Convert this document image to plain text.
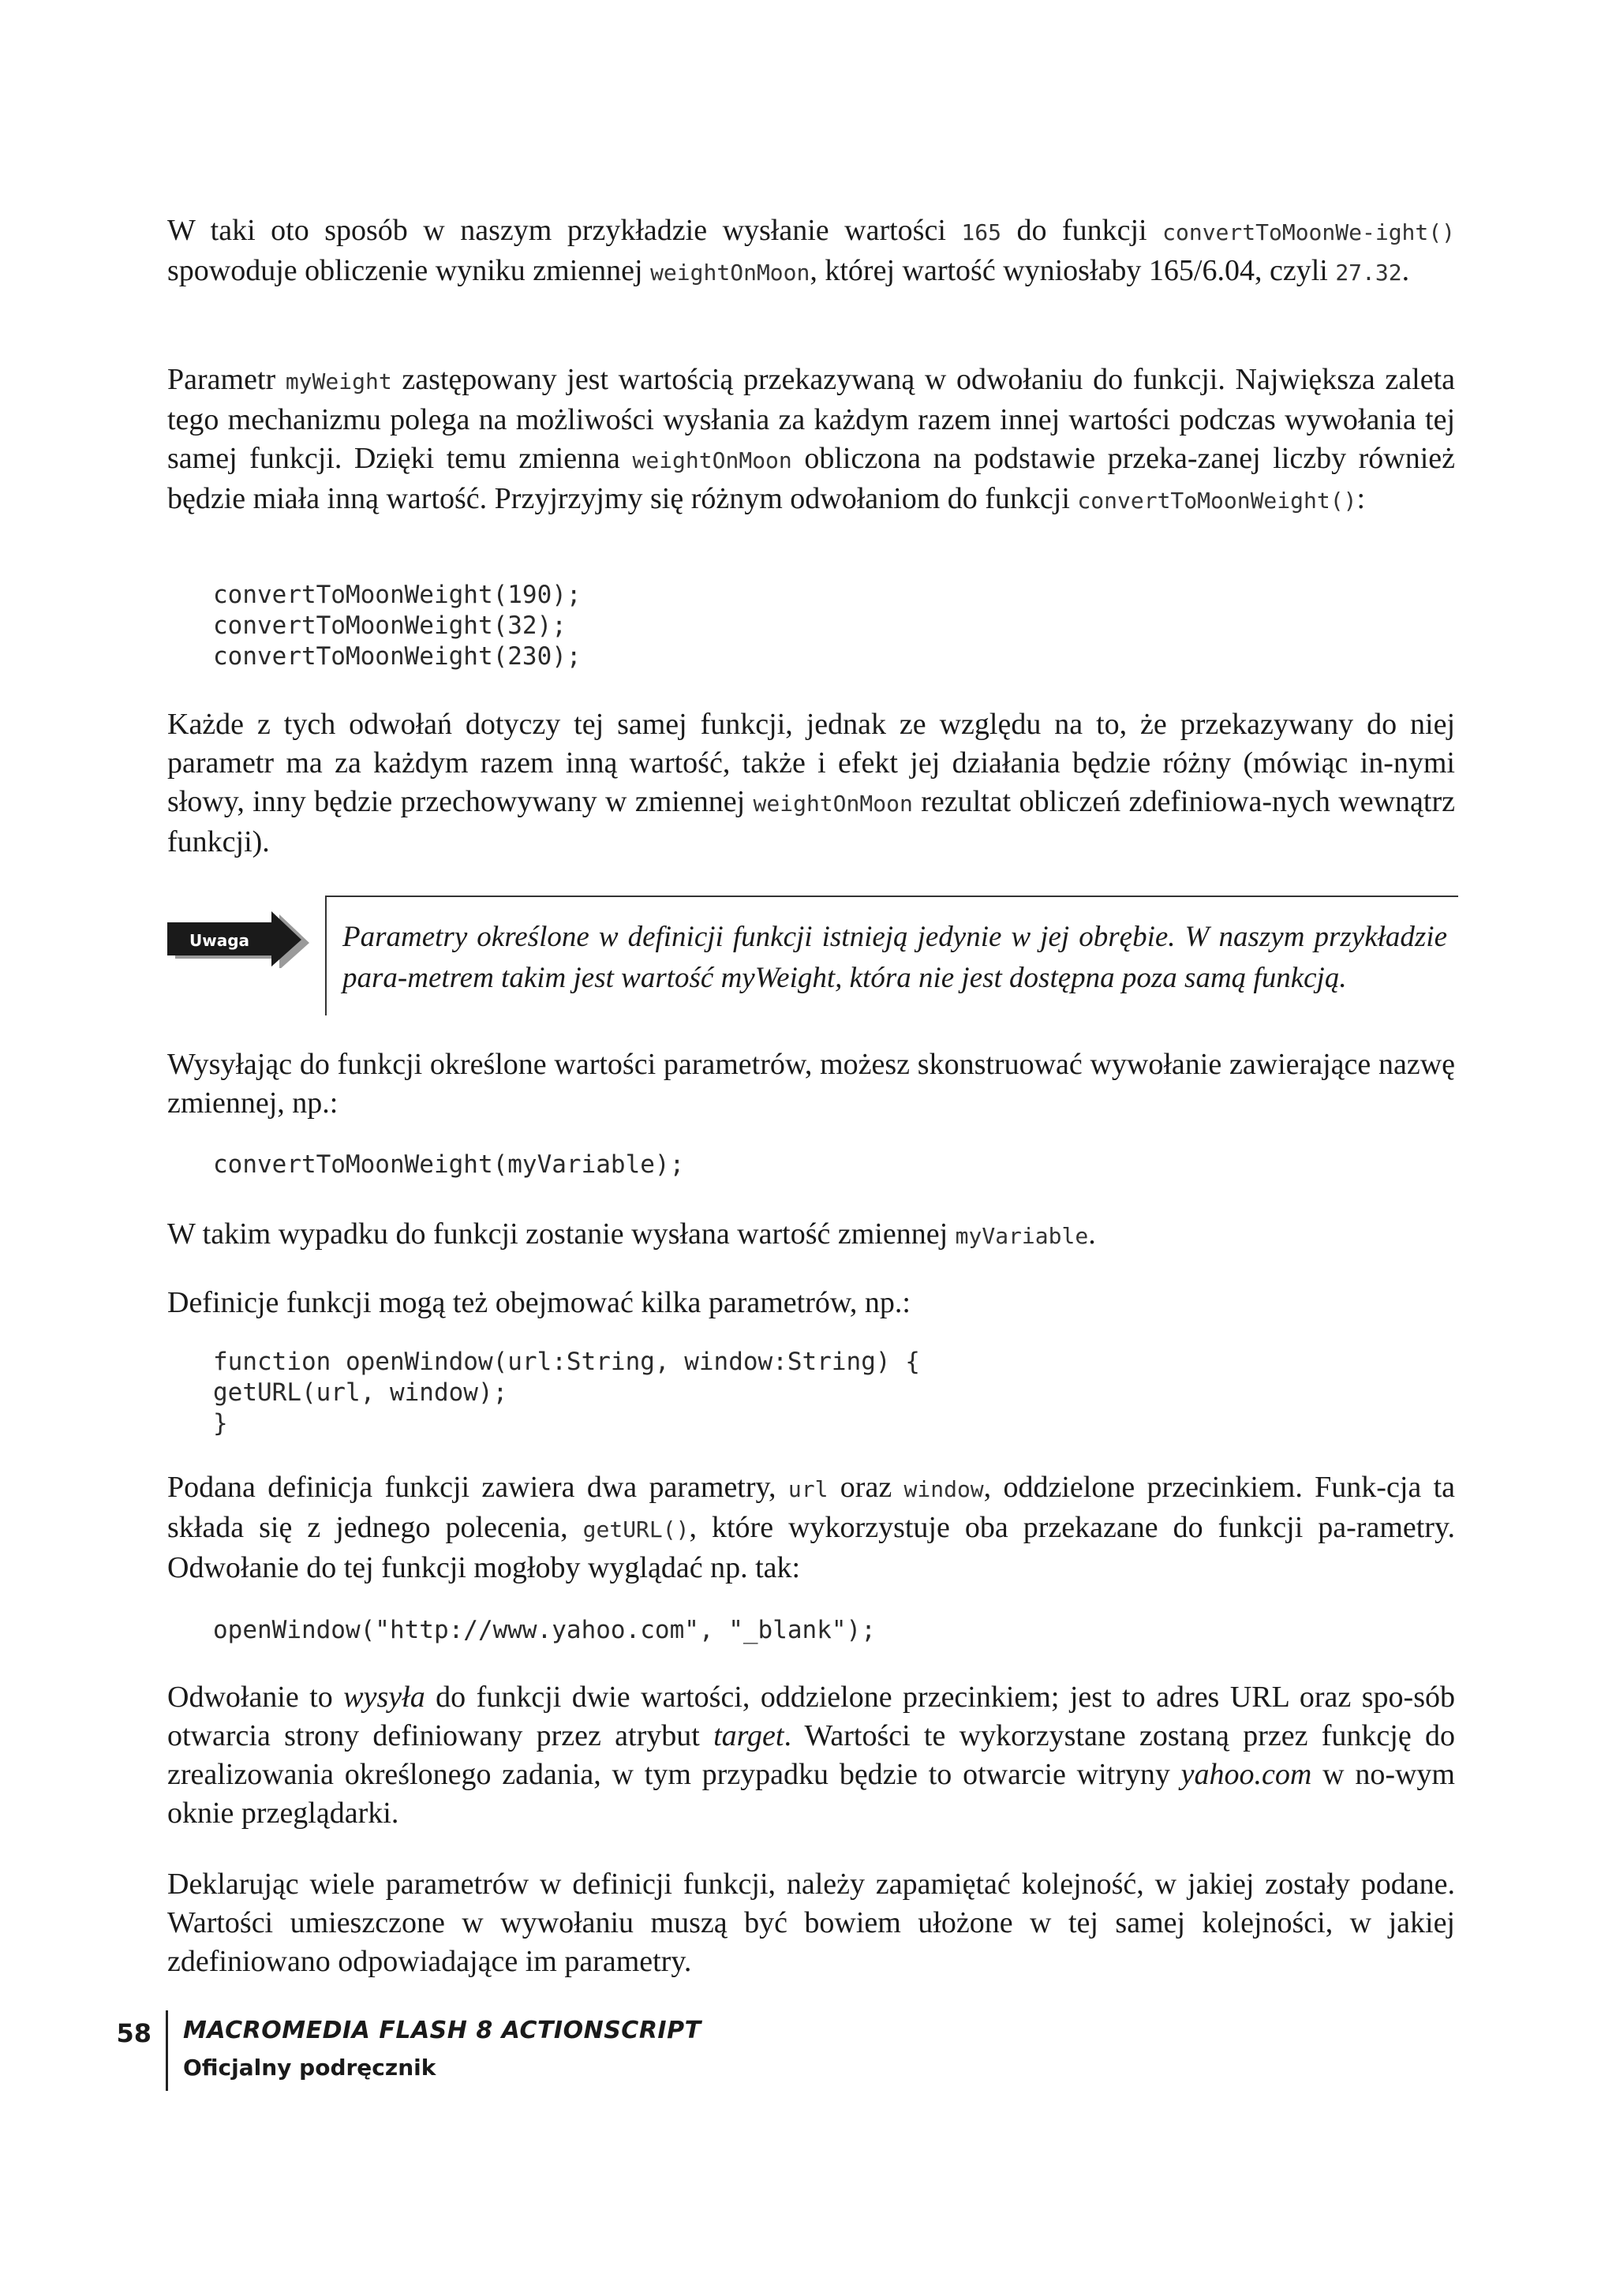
W taki oto sposób w naszym przykładzie wysłanie wartości 165 do funkcji convertToMoonWe-ight() spowoduje obliczenie wyniku zmiennej weightOnMoon, której wartość wyniosłaby 165/6.04, czyli 27.32.

Parametr myWeight zastępowany jest wartością przekazywaną w odwołaniu do funkcji. Największa zaleta tego mechanizmu polega na możliwości wysłania za każdym razem innej wartości podczas wywołania tej samej funkcji. Dzięki temu zmienna weightOnMoon obliczona na podstawie przeka-zanej liczby również będzie miała inną wartość. Przyjrzyjmy się różnym odwołaniom do funkcji convertToMoonWeight():

convertToMoonWeight(190);
convertToMoonWeight(32);
convertToMoonWeight(230);

Każde z tych odwołań dotyczy tej samej funkcji, jednak ze względu na to, że przekazywany do niej parametr ma za każdym razem inną wartość, także i efekt jej działania będzie różny (mówiąc in-nymi słowy, inny będzie przechowywany w zmiennej weightOnMoon rezultat obliczeń zdefiniowa-nych wewnątrz funkcji).

Uwaga	Parametry określone w definicji funkcji istnieją jedynie w jej obrębie. W naszym przykładzie para-metrem takim jest wartość myWeight, która nie jest dostępna poza samą funkcją.

Wysyłając do funkcji określone wartości parametrów, możesz skonstruować wywołanie zawierające nazwę zmiennej, np.:

convertToMoonWeight(myVariable);

W takim wypadku do funkcji zostanie wysłana wartość zmiennej myVariable.

Definicje funkcji mogą też obejmować kilka parametrów, np.:

function openWindow(url:String, window:String) {
getURL(url, window);
}

Podana definicja funkcji zawiera dwa parametry, url oraz window, oddzielone przecinkiem. Funk-cja ta składa się z jednego polecenia, getURL(), które wykorzystuje oba przekazane do funkcji pa-rametry. Odwołanie do tej funkcji mogłoby wyglądać np. tak:

openWindow("http://www.yahoo.com", "_blank");

Odwołanie to wysyła do funkcji dwie wartości, oddzielone przecinkiem; jest to adres URL oraz spo-sób otwarcia strony definiowany przez atrybut target. Wartości te wykorzystane zostaną przez funkcję do zrealizowania określonego zadania, w tym przypadku będzie to otwarcie witryny yahoo.com w no-wym oknie przeglądarki.

Deklarując wiele parametrów w definicji funkcji, należy zapamiętać kolejność, w jakiej zostały podane. Wartości umieszczone w wywołaniu muszą być bowiem ułożone w tej samej kolejności, w jakiej zdefiniowano odpowiadające im parametry.

58 MACROMEDIA FLASH 8 ACTIONSCRIPT
Oficjalny podręcznik
